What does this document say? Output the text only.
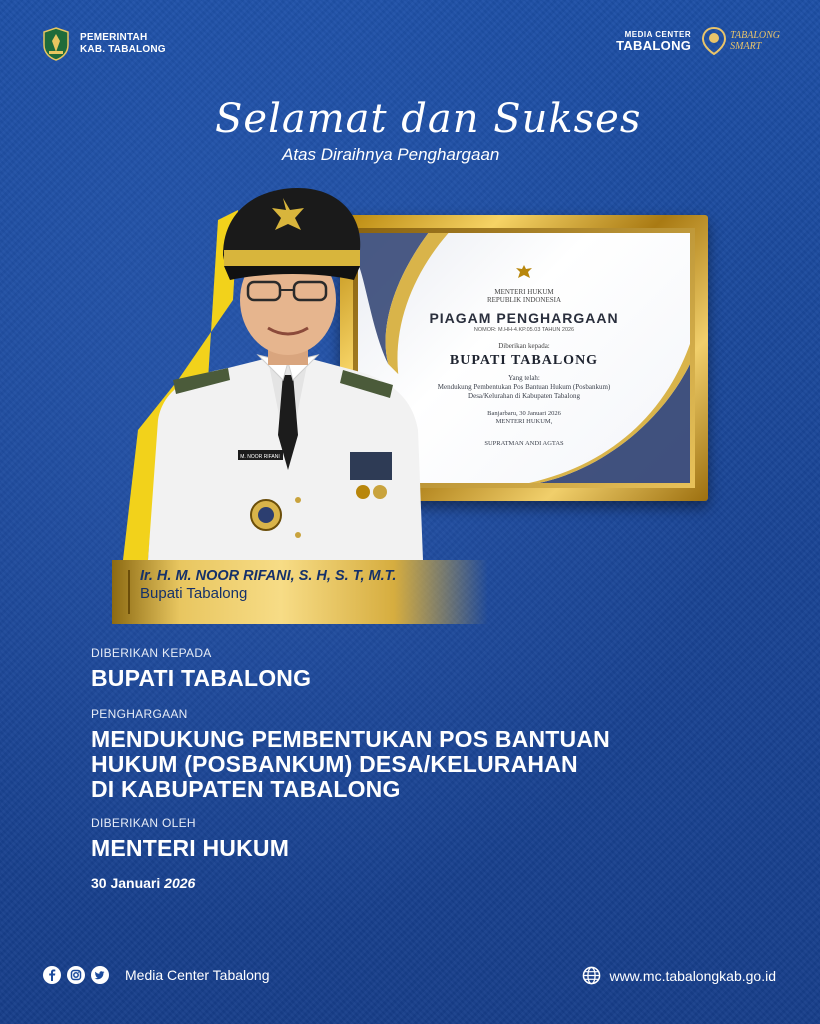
PEMERINTAH
KAB. TABALONG
MEDIA CENTER
TABALONG
TABALONG
SMART
Selamat dan Sukses
Atas Diraihnya Penghargaan
MENTERI HUKUM
REPUBLIK INDONESIA
PIAGAM PENGHARGAAN
NOMOR: M.HH-4.KP.05.03 TAHUN 2026
Diberikan kepada:
BUPATI TABALONG
Yang telah:
Mendukung Pembentukan Pos Bantuan Hukum (Posbankum)
Desa/Kelurahan di Kabupaten Tabalong
Banjarbaru, 30 Januari 2026
MENTERI HUKUM,
SUPRATMAN ANDI AGTAS
M. NOOR RIFANI
Ir. H. M. NOOR RIFANI, S. H, S. T, M.T.
Bupati Tabalong
DIBERIKAN KEPADA
BUPATI TABALONG
PENGHARGAAN
MENDUKUNG PEMBENTUKAN POS BANTUAN
HUKUM (POSBANKUM) DESA/KELURAHAN
DI KABUPATEN TABALONG
DIBERIKAN OLEH
MENTERI HUKUM
30 Januari 2026
Media Center Tabalong	www.mc.tabalongkab.go.id
